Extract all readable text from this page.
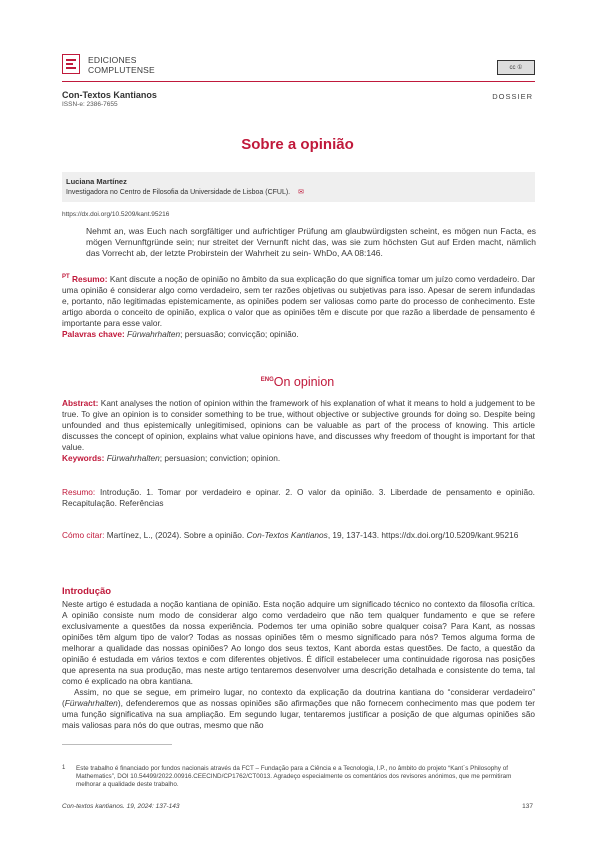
EDICIONES
COMPLUTENSE	cc ①
Con-Textos Kantianos
ISSN-e: 2386-7655
DOSSIER
Sobre a opinião
Luciana Martínez
Investigadora no Centro de Filosofia da Universidade de Lisboa (CFUL). ✉
https://dx.doi.org/10.5209/kant.95216
Nehmt an, was Euch nach sorgfältiger und aufrichtiger Prüfung am glaubwürdigsten scheint, es mögen nun Facta, es mögen Vernunftgründe sein; nur streitet der Vernunft nicht das, was sie zum höchsten Gut auf Erden macht, nämlich das Vorrecht ab, der letzte Probirstein der Wahrheit zu sein- WhDo, AA 08:146.
$^{PT}$ Resumo: Kant discute a noção de opinião no âmbito da sua explicação do que significa tomar um juízo como verdadeiro. Dar uma opinião é considerar algo como verdadeiro, sem ter razões objetivas ou subjetivas para isso. Apesar de serem infundadas e, portanto, não legitimadas epistemicamente, as opiniões podem ser valiosas como parte do processo de conhecimento. Este artigo aborda o conceito de opinião, explica o valor que as opiniões têm e discute por que razão a liberdade de pensamento é importante para esse valor.
Palavras chave: Fürwahrhalten; persuasão; convicção; opinião.
$^{ENG}$On opinion
Abstract: Kant analyses the notion of opinion within the framework of his explanation of what it means to hold a judgement to be true. To give an opinion is to consider something to be true, without objective or subjective grounds for doing so. Despite being unfounded and thus epistemically unlegitimised, opinions can be valuable as part of the process of knowing. This article discusses the concept of opinion, explains what value opinions have, and discusses why freedom of thought is important for that value.
Keywords: Fürwahrhalten; persuasion; conviction; opinion.
Resumo: Introdução. 1. Tomar por verdadeiro e opinar. 2. O valor da opinião. 3. Liberdade de pensamento e opinião. Recapitulação. Referências
Cómo citar: Martínez, L., (2024). Sobre a opinião. Con-Textos Kantianos, 19, 137-143. https://dx.doi.org/10.5209/kant.95216
Introdução
Neste artigo é estudada a noção kantiana de opinião. Esta noção adquire um significado técnico no contexto da filosofia crítica. A opinião consiste num modo de considerar algo como verdadeiro que não tem qualquer fundamento e que se refere exclusivamente a questões da nossa experiência. Podemos ter uma opinião sobre qualquer coisa? Para Kant, as nossas opiniões têm algum tipo de valor? Todas as nossas opiniões têm o mesmo significado para nós? Temos alguma forma de melhorar a qualidade das nossas opiniões? Ao longo dos seus textos, Kant aborda estas questões. De facto, a questão da opinião é estudada em vários textos e com diferentes objetivos. É difícil estabelecer uma continuidade rigorosa nas posições que apresenta na sua produção, mas neste artigo tentaremos desenvolver uma descrição detalhada e consistente do tema, tal como é explicado na obra kantiana.
Assim, no que se segue, em primeiro lugar, no contexto da explicação da doutrina kantiana do “considerar verdadeiro” (Fürwahrhalten), defenderemos que as nossas opiniões são afirmações que não fornecem conhecimento mas que podem ter uma função significativa na sua ampliação. Em segundo lugar, tentaremos justificar a posição de que algumas opiniões são mais valiosas para nós do que outras, mesmo que não
1 Este trabalho é financiado por fundos nacionais através da FCT – Fundação para a Ciência e a Tecnologia, I.P., no âmbito do projeto “Kant´s Philosophy of Mathematics”, DOI 10.54499/2022.00916.CEECIND/CP1762/CT0013. Agradeço especialmente os comentários dos revisores anónimos, que me permitiram melhorar a qualidade deste trabalho.
Con-textos kantianos. 19, 2024: 137-143	137
